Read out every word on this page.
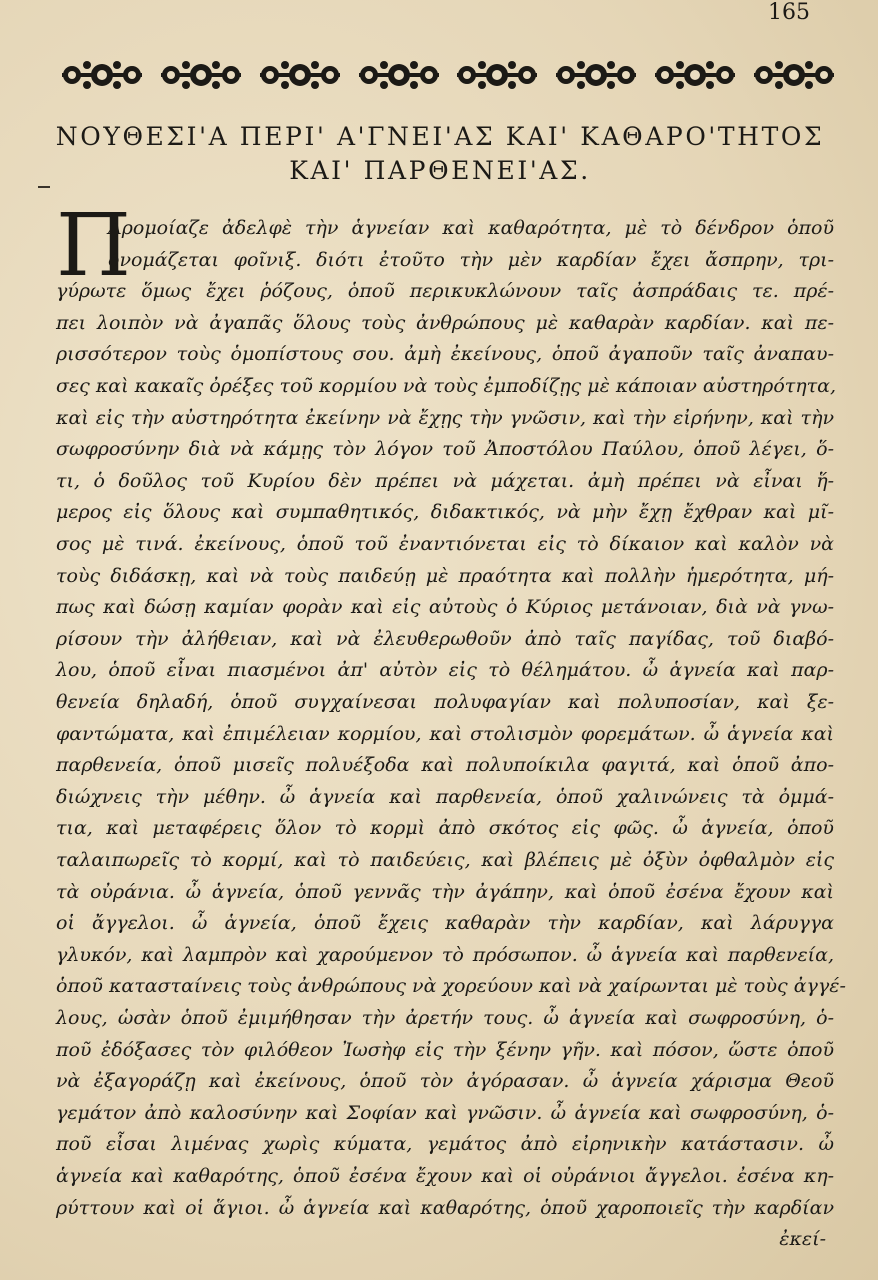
165
ΝΟΥΘΕΣΙ'Α ΠΕΡΙ' Α'ΓΝΕΙ'ΑΣ ΚΑΙ' ΚΑΘΑΡΟ'ΤΗΤΟΣ
ΚΑΙ' ΠΑΡΘΕΝΕΙ'ΑΣ.
Π
Αρομοίαζε ἀδελφὲ τὴν ἁγνείαν καὶ καθαρότητα, μὲ τὸ δένδρον ὁποῦ
ὀνομάζεται φοῖνιξ. διότι ἐτοῦτο τὴν μὲν καρδίαν ἔχει ἄσπρην, τρι-
γύρωτε ὅμως ἔχει ῥόζους, ὁποῦ περικυκλώνουν ταῖς ἀσπράδαις τε. πρέ-
πει λοιπὸν νὰ ἀγαπᾶς ὅλους τοὺς ἀνθρώπους μὲ καθαρὰν καρδίαν. καὶ πε-
ρισσότερον τοὺς ὁμοπίστους σου. ἀμὴ ἐκείνους, ὁποῦ ἀγαποῦν ταῖς ἀναπαυ-
σες καὶ κακαῖς ὀρέξες τοῦ κορμίου νὰ τοὺς ἐμποδίζῃς μὲ κάποιαν αὐστηρότητα,
καὶ εἰς τὴν αὐστηρότητα ἐκείνην νὰ ἔχῃς τὴν γνῶσιν, καὶ τὴν εἰρήνην, καὶ τὴν
σωφροσύνην διὰ νὰ κάμῃς τὸν λόγον τοῦ Ἀποστόλου Παύλου, ὁποῦ λέγει, ὅ-
τι, ὁ δοῦλος τοῦ Κυρίου δὲν πρέπει νὰ μάχεται. ἀμὴ πρέπει νὰ εἶναι ἥ-
μερος εἰς ὅλους καὶ συμπαθητικός, διδακτικός, νὰ μὴν ἔχῃ ἔχθραν καὶ μῖ-
σος μὲ τινά. ἐκείνους, ὁποῦ τοῦ ἐναντιόνεται εἰς τὸ δίκαιον καὶ καλὸν νὰ
τοὺς διδάσκῃ, καὶ νὰ τοὺς παιδεύῃ μὲ πραότητα καὶ πολλὴν ἡμερότητα, μή-
πως καὶ δώσῃ καμίαν φορὰν καὶ εἰς αὐτοὺς ὁ Κύριος μετάνοιαν, διὰ νὰ γνω-
ρίσουν τὴν ἀλήθειαν, καὶ νὰ ἐλευθερωθοῦν ἀπὸ ταῖς παγίδας, τοῦ διαβό-
λου, ὁποῦ εἶναι πιασμένοι ἀπ' αὐτὸν εἰς τὸ θέλημάτου. ὦ ἁγνεία καὶ παρ-
θενεία δηλαδή, ὁποῦ συγχαίνεσαι πολυφαγίαν καὶ πολυποσίαν, καὶ ξε-
φαντώματα, καὶ ἐπιμέλειαν κορμίου, καὶ στολισμὸν φορεμάτων. ὦ ἁγνεία καὶ
παρθενεία, ὁποῦ μισεῖς πολυέξοδα καὶ πολυποίκιλα φαγιτά, καὶ ὁποῦ ἀπο-
διώχνεις τὴν μέθην. ὦ ἁγνεία καὶ παρθενεία, ὁποῦ χαλινώνεις τὰ ὀμμά-
τια, καὶ μεταφέρεις ὅλον τὸ κορμὶ ἀπὸ σκότος εἰς φῶς. ὦ ἁγνεία, ὁποῦ
ταλαιπωρεῖς τὸ κορμί, καὶ τὸ παιδεύεις, καὶ βλέπεις μὲ ὀξὺν ὀφθαλμὸν εἰς
τὰ οὐράνια. ὦ ἁγνεία, ὁποῦ γεννᾶς τὴν ἀγάπην, καὶ ὁποῦ ἐσένα ἔχουν καὶ
οἱ ἄγγελοι. ὦ ἁγνεία, ὁποῦ ἔχεις καθαρὰν τὴν καρδίαν, καὶ λάρυγγα
γλυκόν, καὶ λαμπρὸν καὶ χαρούμενον τὸ πρόσωπον. ὦ ἁγνεία καὶ παρθενεία,
ὁποῦ κατασταίνεις τοὺς ἀνθρώπους νὰ χορεύουν καὶ νὰ χαίρωνται μὲ τοὺς ἀγγέ-
λους, ὡσὰν ὁποῦ ἐμιμήθησαν τὴν ἀρετήν τους. ὦ ἁγνεία καὶ σωφροσύνη, ὁ-
ποῦ ἐδόξασες τὸν φιλόθεον Ἰωσὴφ εἰς τὴν ξένην γῆν. καὶ πόσον, ὥστε ὁποῦ
νὰ ἐξαγοράζῃ καὶ ἐκείνους, ὁποῦ τὸν ἀγόρασαν. ὦ ἁγνεία χάρισμα Θεοῦ
γεμάτον ἀπὸ καλοσύνην καὶ Σοφίαν καὶ γνῶσιν. ὦ ἁγνεία καὶ σωφροσύνη, ὁ-
ποῦ εἶσαι λιμένας χωρὶς κύματα, γεμάτος ἀπὸ εἰρηνικὴν κατάστασιν. ὦ
ἁγνεία καὶ καθαρότης, ὁποῦ ἐσένα ἔχουν καὶ οἱ οὐράνιοι ἄγγελοι. ἐσένα κη-
ρύττουν καὶ οἱ ἅγιοι. ὦ ἁγνεία καὶ καθαρότης, ὁποῦ χαροποιεῖς τὴν καρδίαν
ἐκεί-
